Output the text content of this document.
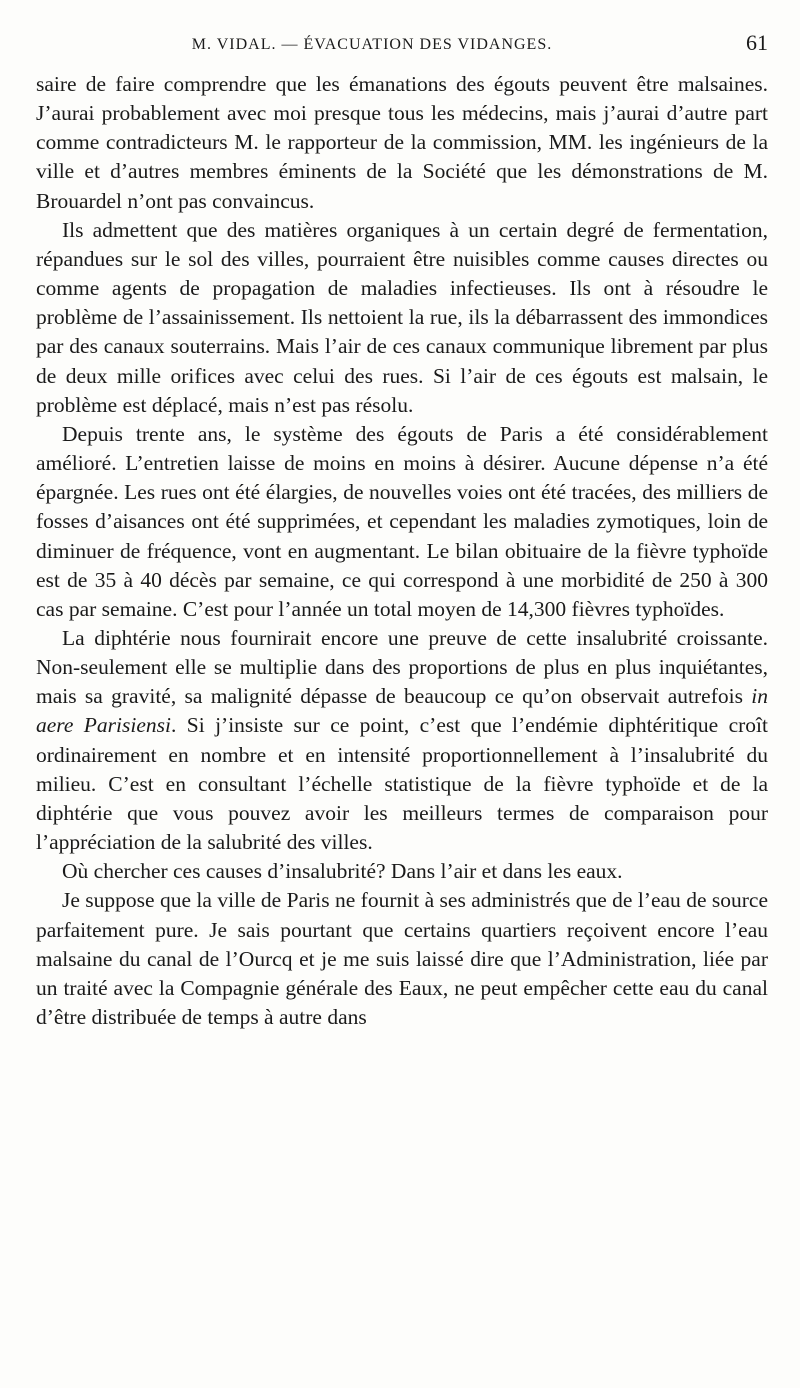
M. VIDAL. — ÉVACUATION DES VIDANGES.	61

saire de faire comprendre que les émanations des égouts peuvent être malsaines. J’aurai probablement avec moi presque tous les médecins, mais j’aurai d’autre part comme contradicteurs M. le rapporteur de la commission, MM. les ingénieurs de la ville et d’autres membres éminents de la Société que les démonstrations de M. Brouardel n’ont pas convaincus.

Ils admettent que des matières organiques à un certain degré de fermentation, répandues sur le sol des villes, pourraient être nuisibles comme causes directes ou comme agents de propagation de maladies infectieuses. Ils ont à résoudre le problème de l’assainissement. Ils nettoient la rue, ils la débarrassent des immondices par des canaux souterrains. Mais l’air de ces canaux communique librement par plus de deux mille orifices avec celui des rues. Si l’air de ces égouts est malsain, le problème est déplacé, mais n’est pas résolu.

Depuis trente ans, le système des égouts de Paris a été considérablement amélioré. L’entretien laisse de moins en moins à désirer. Aucune dépense n’a été épargnée. Les rues ont été élargies, de nouvelles voies ont été tracées, des milliers de fosses d’aisances ont été supprimées, et cependant les maladies zymotiques, loin de diminuer de fréquence, vont en augmentant. Le bilan obituaire de la fièvre typhoïde est de 35 à 40 décès par semaine, ce qui correspond à une morbidité de 250 à 300 cas par semaine. C’est pour l’année un total moyen de 14,300 fièvres typhoïdes.

La diphtérie nous fournirait encore une preuve de cette insalubrité croissante. Non-seulement elle se multiplie dans des proportions de plus en plus inquiétantes, mais sa gravité, sa malignité dépasse de beaucoup ce qu’on observait autrefois in aere Parisiensi. Si j’insiste sur ce point, c’est que l’endémie diphtéritique croît ordinairement en nombre et en intensité proportionnellement à l’insalubrité du milieu. C’est en consultant l’échelle statistique de la fièvre typhoïde et de la diphtérie que vous pouvez avoir les meilleurs termes de comparaison pour l’appréciation de la salubrité des villes.

Où chercher ces causes d’insalubrité? Dans l’air et dans les eaux.

Je suppose que la ville de Paris ne fournit à ses administrés que de l’eau de source parfaitement pure. Je sais pourtant que certains quartiers reçoivent encore l’eau malsaine du canal de l’Ourcq et je me suis laissé dire que l’Administration, liée par un traité avec la Compagnie générale des Eaux, ne peut empêcher cette eau du canal d’être distribuée de temps à autre dans
